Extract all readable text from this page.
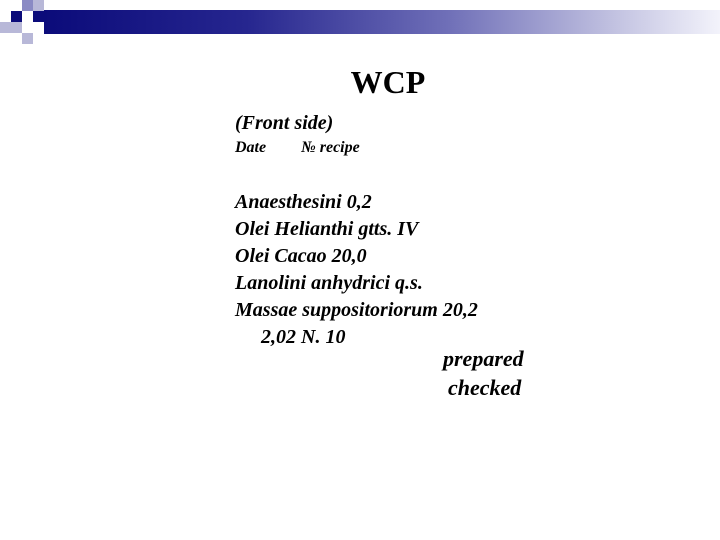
WCP
(Front side)
Date № recipe
Anaesthesini 0,2
Olei Helianthi gtts. IV
Olei Cacao 20,0
Lanolini anhydrici q.s.
Massae suppositoriorum 20,2
2,02 N. 10
prepared
checked
